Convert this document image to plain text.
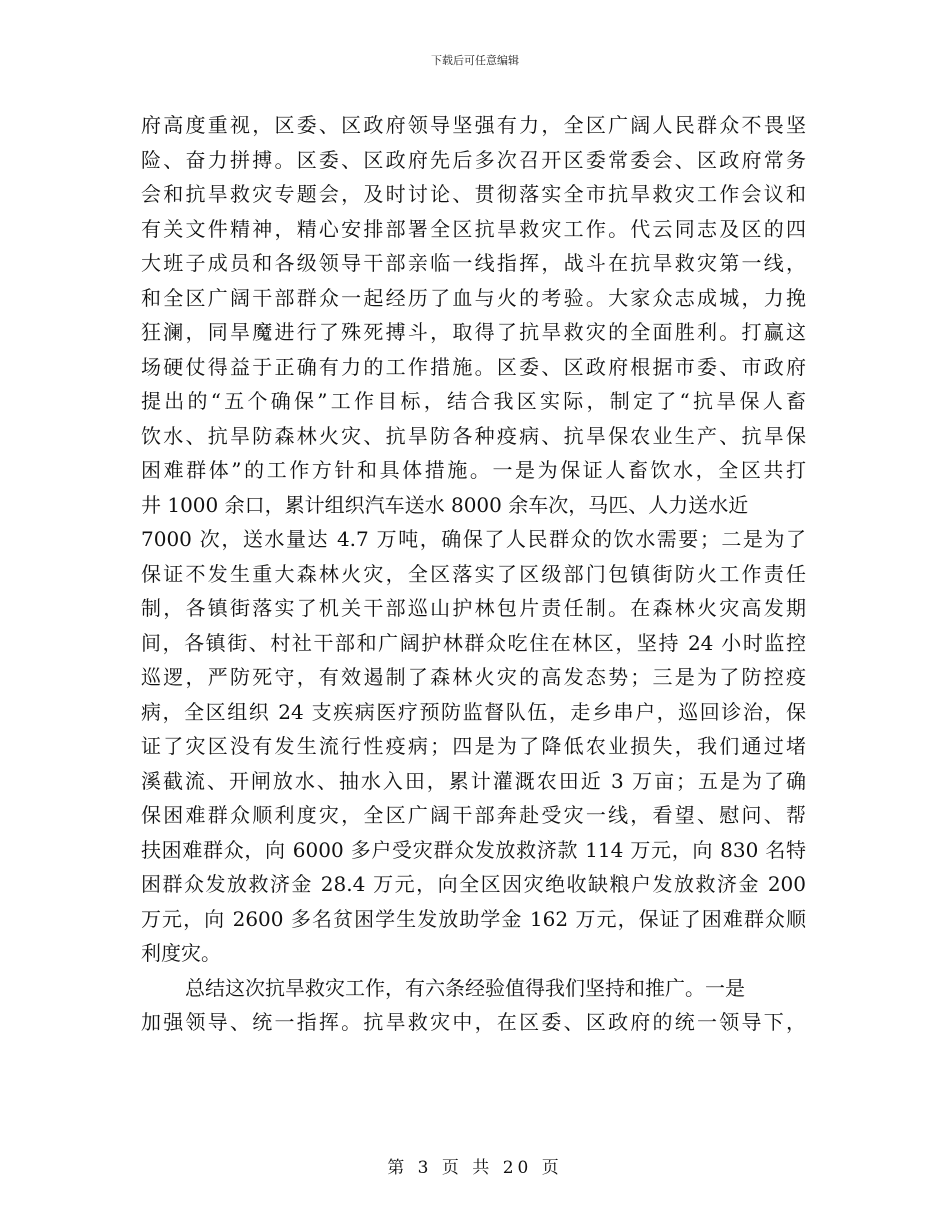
下载后可任意编辑
府高度重视，区委、区政府领导坚强有力，全区广阔人民群众不畏坚
险、奋力拼搏。区委、区政府先后多次召开区委常委会、区政府常务
会和抗旱救灾专题会，及时讨论、贯彻落实全市抗旱救灾工作会议和
有关文件精神，精心安排部署全区抗旱救灾工作。代云同志及区的四
大班子成员和各级领导干部亲临一线指挥，战斗在抗旱救灾第一线，
和全区广阔干部群众一起经历了血与火的考验。大家众志成城，力挽
狂澜，同旱魔进行了殊死搏斗，取得了抗旱救灾的全面胜利。打赢这
场硬仗得益于正确有力的工作措施。区委、区政府根据市委、市政府
提出的“五个确保”工作目标，结合我区实际，制定了“抗旱保人畜
饮水、抗旱防森林火灾、抗旱防各种疫病、抗旱保农业生产、抗旱保
困难群体”的工作方针和具体措施。一是为保证人畜饮水，全区共打
井 1000 余口，累计组织汽车送水 8000 余车次，马匹、人力送水近
7000 次，送水量达 4.7 万吨，确保了人民群众的饮水需要；二是为了
保证不发生重大森林火灾，全区落实了区级部门包镇街防火工作责任
制，各镇街落实了机关干部巡山护林包片责任制。在森林火灾高发期
间，各镇街、村社干部和广阔护林群众吃住在林区，坚持 24 小时监控
巡逻，严防死守，有效遏制了森林火灾的高发态势；三是为了防控疫
病，全区组织 24 支疾病医疗预防监督队伍，走乡串户，巡回诊治，保
证了灾区没有发生流行性疫病；四是为了降低农业损失，我们通过堵
溪截流、开闸放水、抽水入田，累计灌溉农田近 3 万亩；五是为了确
保困难群众顺利度灾，全区广阔干部奔赴受灾一线，看望、慰问、帮
扶困难群众，向 6000 多户受灾群众发放救济款 114 万元，向 830 名特
困群众发放救济金 28.4 万元，向全区因灾绝收缺粮户发放救济金 200
万元，向 2600 多名贫困学生发放助学金 162 万元，保证了困难群众顺
利度灾。
总结这次抗旱救灾工作，有六条经验值得我们坚持和推广。一是
加强领导、统一指挥。抗旱救灾中，在区委、区政府的统一领导下，
第 3 页 共 20 页
